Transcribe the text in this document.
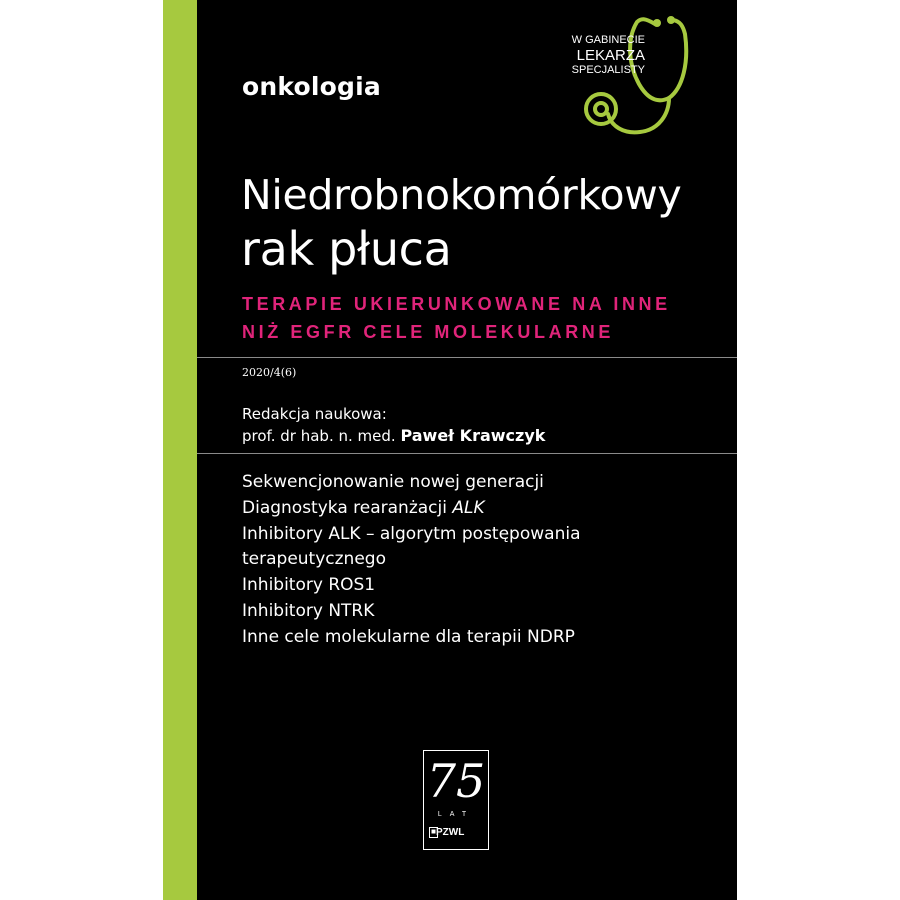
onkologia
W GABINECIE
LEKARZA
SPECJALISTY
Niedrobnokomórkowy
rak płuca
TERAPIE UKIERUNKOWANE NA INNE
NIŻ EGFR CELE MOLEKULARNE
2020/4(6)
Redakcja naukowa:
prof. dr hab. n. med. Paweł Krawczyk
Sekwencjonowanie nowej generacji
Diagnostyka rearanżacji ALK
Inhibitory ALK – algorytm postępowania
terapeutycznego
Inhibitory ROS1
Inhibitory NTRK
Inne cele molekularne dla terapii NDRP
75
LAT
PZWL
